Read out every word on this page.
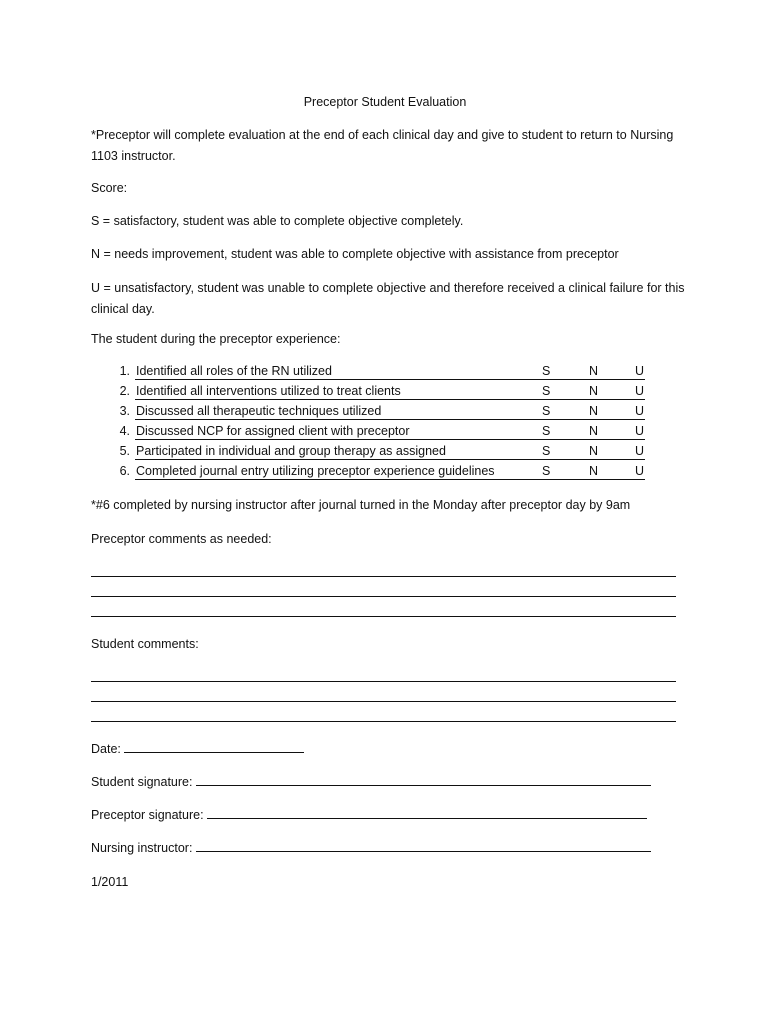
Preceptor Student Evaluation
*Preceptor will complete evaluation at the end of each clinical day and give to student to return to Nursing 1103 instructor.
Score:
S = satisfactory, student was able to complete objective completely.
N = needs improvement, student was able to complete objective with assistance from preceptor
U = unsatisfactory, student was unable to complete objective and therefore received a clinical failure for this clinical day.
The student during the preceptor experience:
1. Identified all roles of the RN utilized	S	N	U
2. Identified all interventions utilized to treat clients	S	N	U
3. Discussed all therapeutic techniques utilized	S	N	U
4. Discussed NCP for assigned client with preceptor	S	N	U
5. Participated in individual and group therapy as assigned	S	N	U
6. Completed journal entry utilizing preceptor experience guidelines	S	N	U
*#6 completed by nursing instructor after journal turned in the Monday after preceptor day by 9am
Preceptor comments as needed:
Student comments:
Date:
Student signature:
Preceptor signature:
Nursing instructor:
1/2011
